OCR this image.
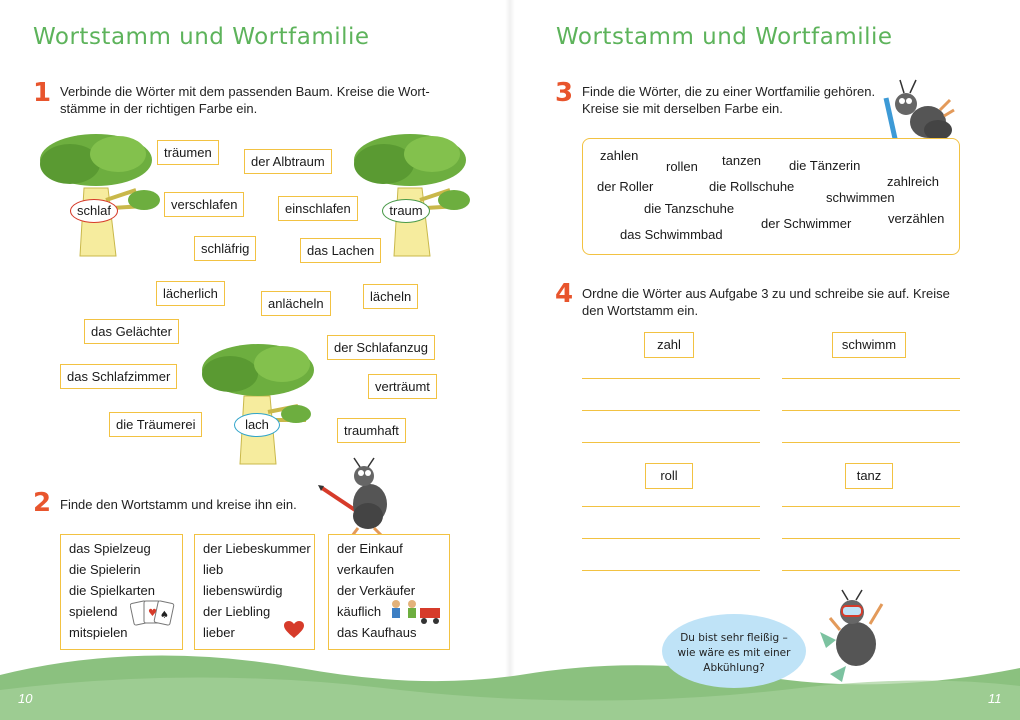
Wortstamm und Wortfamilie
1 Verbinde die Wörter mit dem passenden Baum. Kreise die Wort-
stämme in der richtigen Farbe ein.
schlaf	traum
lach
träumen
der Albtraum
verschlafen	einschlafen
schläfrig	das Lachen
lächerlich
anlächeln	lächeln
das Gelächter
der Schlafanzug
das Schlafzimmer
verträumt
die Träumerei	traumhaft
2 Finde den Wortstamm und kreise ihn ein.
das Spielzeug
die Spielerin
die Spielkarten
spielend
mitspielen
♥ ♠
der Liebeskummer
lieb
liebenswürdig
der Liebling
lieber
der Einkauf
verkaufen
der Verkäufer
käuflich
das Kaufhaus
10
Wortstamm und Wortfamilie
3 Finde die Wörter, die zu einer Wortfamilie gehören.
Kreise sie mit derselben Farbe ein.
zahlen
rollen tanzen die Tänzerin
zahlreich
der Roller	die Rollschuhe
schwimmen
die Tanzschuhe
verzählen
der Schwimmer
das Schwimmbad
4 Ordne die Wörter aus Aufgabe 3 zu und schreibe sie auf. Kreise
den Wortstamm ein.
zahl	schwimm
roll	tanz
Du bist sehr fleißig –
wie wäre es mit einer
Abkühlung?
11
